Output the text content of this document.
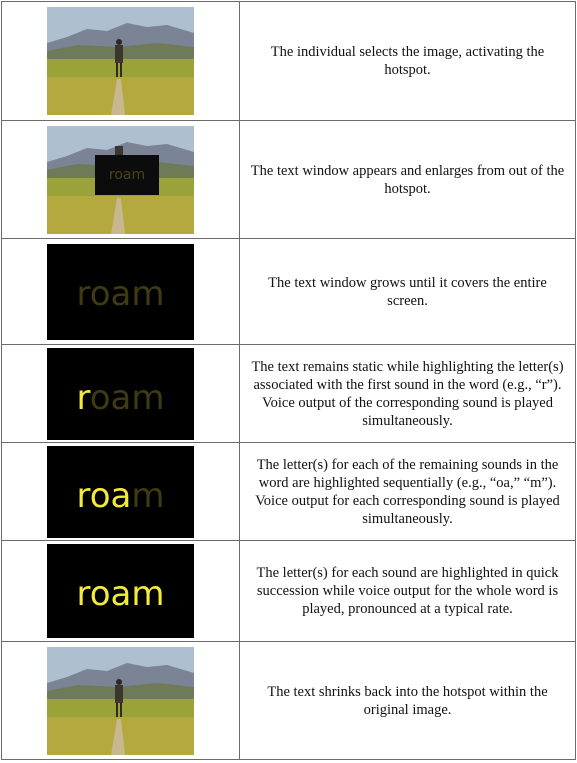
	The individual selects the image, activating the hotspot.

roam	The text window appears and enlarges from out of the hotspot.

roam	The text window grows until it covers the entire screen.

roam	The text remains static while highlighting the letter(s) associated with the first sound in the word (e.g., “r”). Voice output of the corresponding sound is played simultaneously.

roam	The letter(s) for each of the remaining sounds in the word are highlighted sequentially (e.g., “oa,” “m”). Voice output for each corresponding sound is played simultaneously.

roam	The letter(s) for each sound are highlighted in quick succession while voice output for the whole word is played, pronounced at a typical rate.

	The text shrinks back into the hotspot within the original image.
